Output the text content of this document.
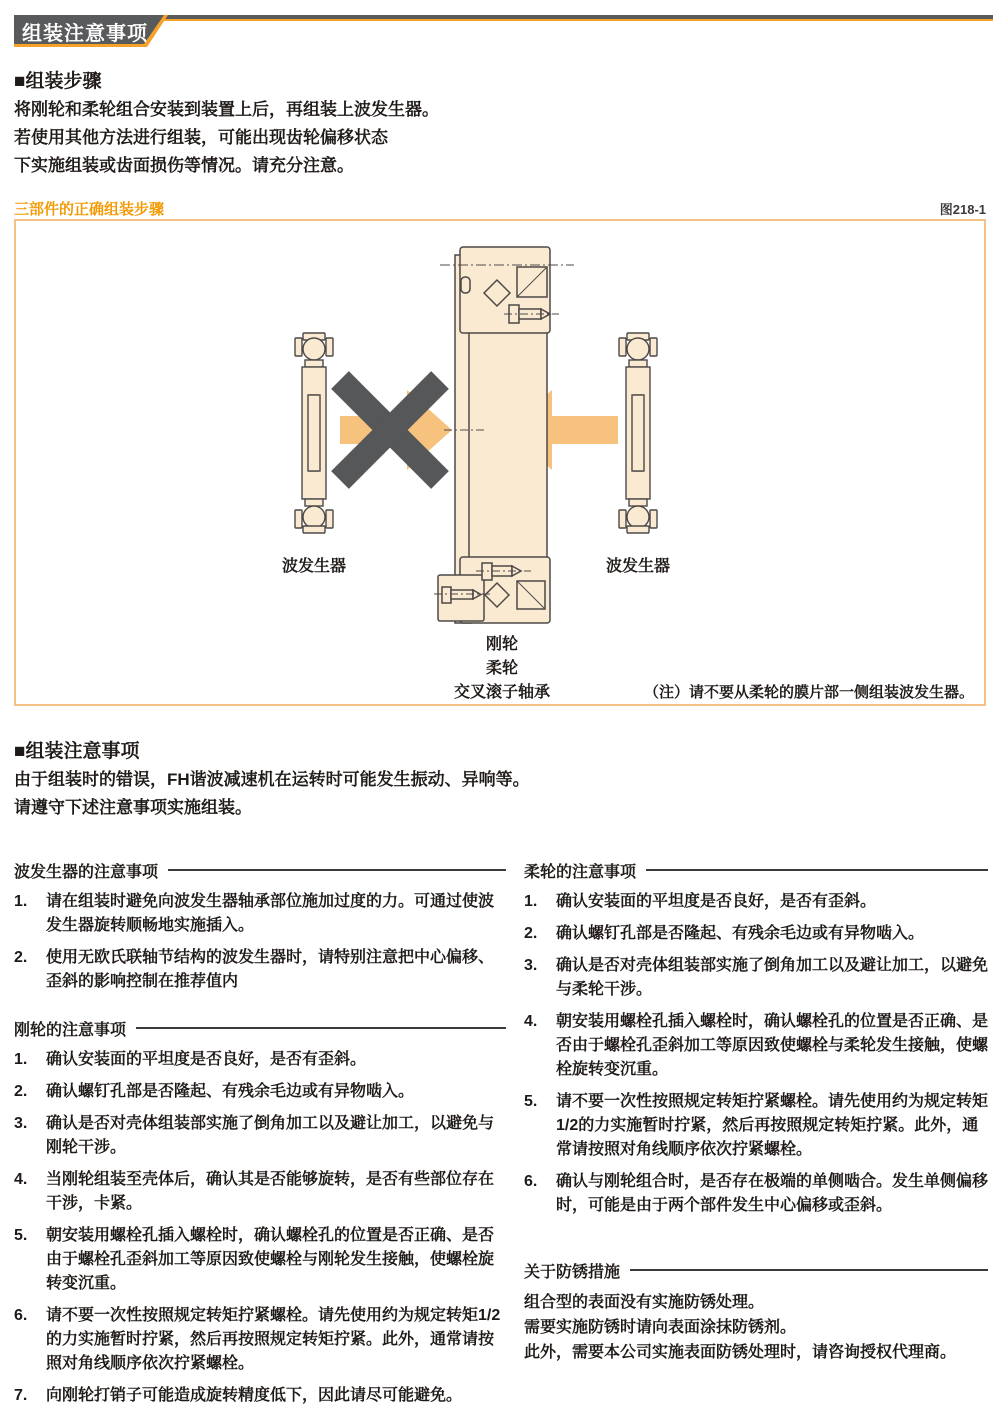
组装注意事项
■组装步骤
将刚轮和柔轮组合安装到装置上后，再组装上波发生器。
若使用其他方法进行组装，可能出现齿轮偏移状态
下实施组装或齿面损伤等情况。请充分注意。
三部件的正确组装步骤	图218-1
波发生器	波发生器
刚轮
柔轮
交叉滚子轴承	（注）请不要从柔轮的膜片部一侧组装波发生器。
■组装注意事项
由于组装时的错误，FH谐波减速机在运转时可能发生振动、异响等。
请遵守下述注意事项实施组装。
波发生器的注意事项
1. 请在组装时避免向波发生器轴承部位施加过度的力。可通过使波发生器旋转顺畅地实施插入。
2. 使用无欧氏联轴节结构的波发生器时，请特别注意把中心偏移、歪斜的影响控制在推荐值内
刚轮的注意事项
1. 确认安装面的平坦度是否良好，是否有歪斜。
2. 确认螺钉孔部是否隆起、有残余毛边或有异物啮入。
3. 确认是否对壳体组装部实施了倒角加工以及避让加工，以避免与刚轮干涉。
4. 当刚轮组装至壳体后，确认其是否能够旋转，是否有些部位存在干涉，卡紧。
5. 朝安装用螺栓孔插入螺栓时，确认螺栓孔的位置是否正确、是否由于螺栓孔歪斜加工等原因致使螺栓与刚轮发生接触，使螺栓旋转变沉重。
6. 请不要一次性按照规定转矩拧紧螺栓。请先使用约为规定转矩1/2的力实施暂时拧紧，然后再按照规定转矩拧紧。此外，通常请按照对角线顺序依次拧紧螺栓。
7. 向刚轮打销子可能造成旋转精度低下，因此请尽可能避免。
柔轮的注意事项
1. 确认安装面的平坦度是否良好，是否有歪斜。
2. 确认螺钉孔部是否隆起、有残余毛边或有异物啮入。
3. 确认是否对壳体组装部实施了倒角加工以及避让加工，以避免与柔轮干涉。
4. 朝安装用螺栓孔插入螺栓时，确认螺栓孔的位置是否正确、是否由于螺栓孔歪斜加工等原因致使螺栓与柔轮发生接触，使螺栓旋转变沉重。
5. 请不要一次性按照规定转矩拧紧螺栓。请先使用约为规定转矩1/2的力实施暂时拧紧，然后再按照规定转矩拧紧。此外，通常请按照对角线顺序依次拧紧螺栓。
6. 确认与刚轮组合时，是否存在极端的单侧啮合。发生单侧偏移时，可能是由于两个部件发生中心偏移或歪斜。
关于防锈措施
组合型的表面没有实施防锈处理。
需要实施防锈时请向表面涂抹防锈剂。
此外，需要本公司实施表面防锈处理时，请咨询授权代理商。
